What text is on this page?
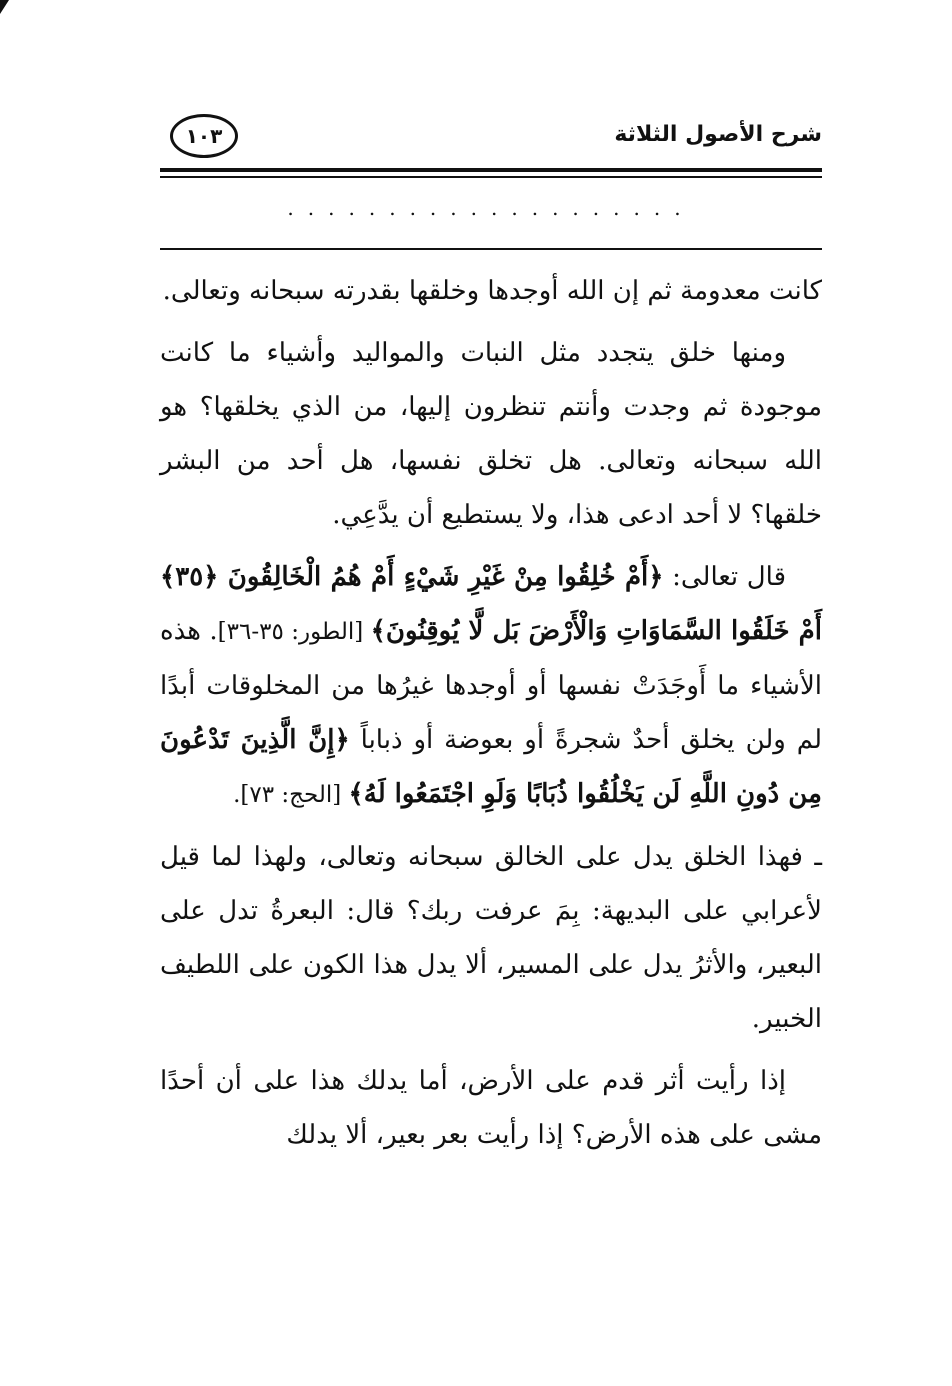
شرح الأصول الثلاثة
١٠٣
....................

كانت معدومة ثم إن الله أوجدها وخلقها بقدرته سبحانه وتعالى.

ومنها خلق يتجدد مثل النبات والمواليد وأشياء ما كانت موجودة ثم وجدت وأنتم تنظرون إليها، من الذي يخلقها؟ هو الله سبحانه وتعالى. هل تخلق نفسها، هل أحد من البشر خلقها؟ لا أحد ادعى هذا، ولا يستطيع أن يدَّعِي.

قال تعالى: ﴿أَمْ خُلِقُوا مِنْ غَيْرِ شَيْءٍ أَمْ هُمُ الْخَالِقُونَ ﴿٣٥﴾ أَمْ خَلَقُوا السَّمَاوَاتِ وَالْأَرْضَ بَل لَّا يُوقِنُونَ﴾ [الطور: ٣٥-٣٦]. هذه الأشياء ما أَوجَدَتْ نفسها أو أوجدها غيرُها من المخلوقات أبدًا لم ولن يخلق أحدٌ شجرةً أو بعوضة أو ذباباً ﴿إِنَّ الَّذِينَ تَدْعُونَ مِن دُونِ اللَّهِ لَن يَخْلُقُوا ذُبَابًا وَلَوِ اجْتَمَعُوا لَهُ﴾ [الحج: ٧٣].

ـ فهذا الخلق يدل على الخالق سبحانه وتعالى، ولهذا لما قيل لأعرابي على البديهة: بِمَ عرفت ربك؟ قال: البعرةُ تدل على البعير، والأثرُ يدل على المسير، ألا يدل هذا الكون على اللطيف الخبير.

إذا رأيت أثر قدم على الأرض، أما يدلك هذا على أن أحدًا مشى على هذه الأرض؟ إذا رأيت بعر بعير، ألا يدلك
